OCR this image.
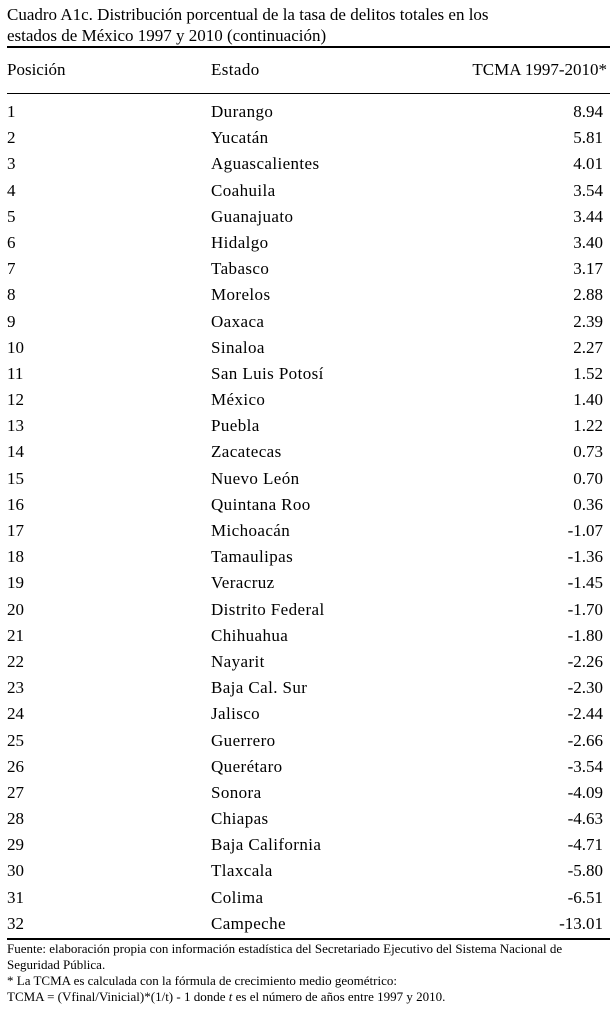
Cuadro A1c. Distribución porcentual de la tasa de delitos totales en los
estados de México 1997 y 2010 (continuación)
Posición	Estado	TCMA 1997-2010*
1	Durango	8.94
2	Yucatán	5.81
3	Aguascalientes	4.01
4	Coahuila	3.54
5	Guanajuato	3.44
6	Hidalgo	3.40
7	Tabasco	3.17
8	Morelos	2.88
9	Oaxaca	2.39
10	Sinaloa	2.27
11	San Luis Potosí	1.52
12	México	1.40
13	Puebla	1.22
14	Zacatecas	0.73
15	Nuevo León	0.70
16	Quintana Roo	0.36
17	Michoacán	-1.07
18	Tamaulipas	-1.36
19	Veracruz	-1.45
20	Distrito Federal	-1.70
21	Chihuahua	-1.80
22	Nayarit	-2.26
23	Baja Cal. Sur	-2.30
24	Jalisco	-2.44
25	Guerrero	-2.66
26	Querétaro	-3.54
27	Sonora	-4.09
28	Chiapas	-4.63
29	Baja California	-4.71
30	Tlaxcala	-5.80
31	Colima	-6.51
32	Campeche	-13.01

Fuente: elaboración propia con información estadística del Secretariado Ejecutivo del Sistema Nacional de Seguridad Pública.

* La TCMA es calculada con la fórmula de crecimiento medio geométrico:

TCMA = (Vfinal/Vinicial)*(1/t) - 1 donde t es el número de años entre 1997 y 2010.
